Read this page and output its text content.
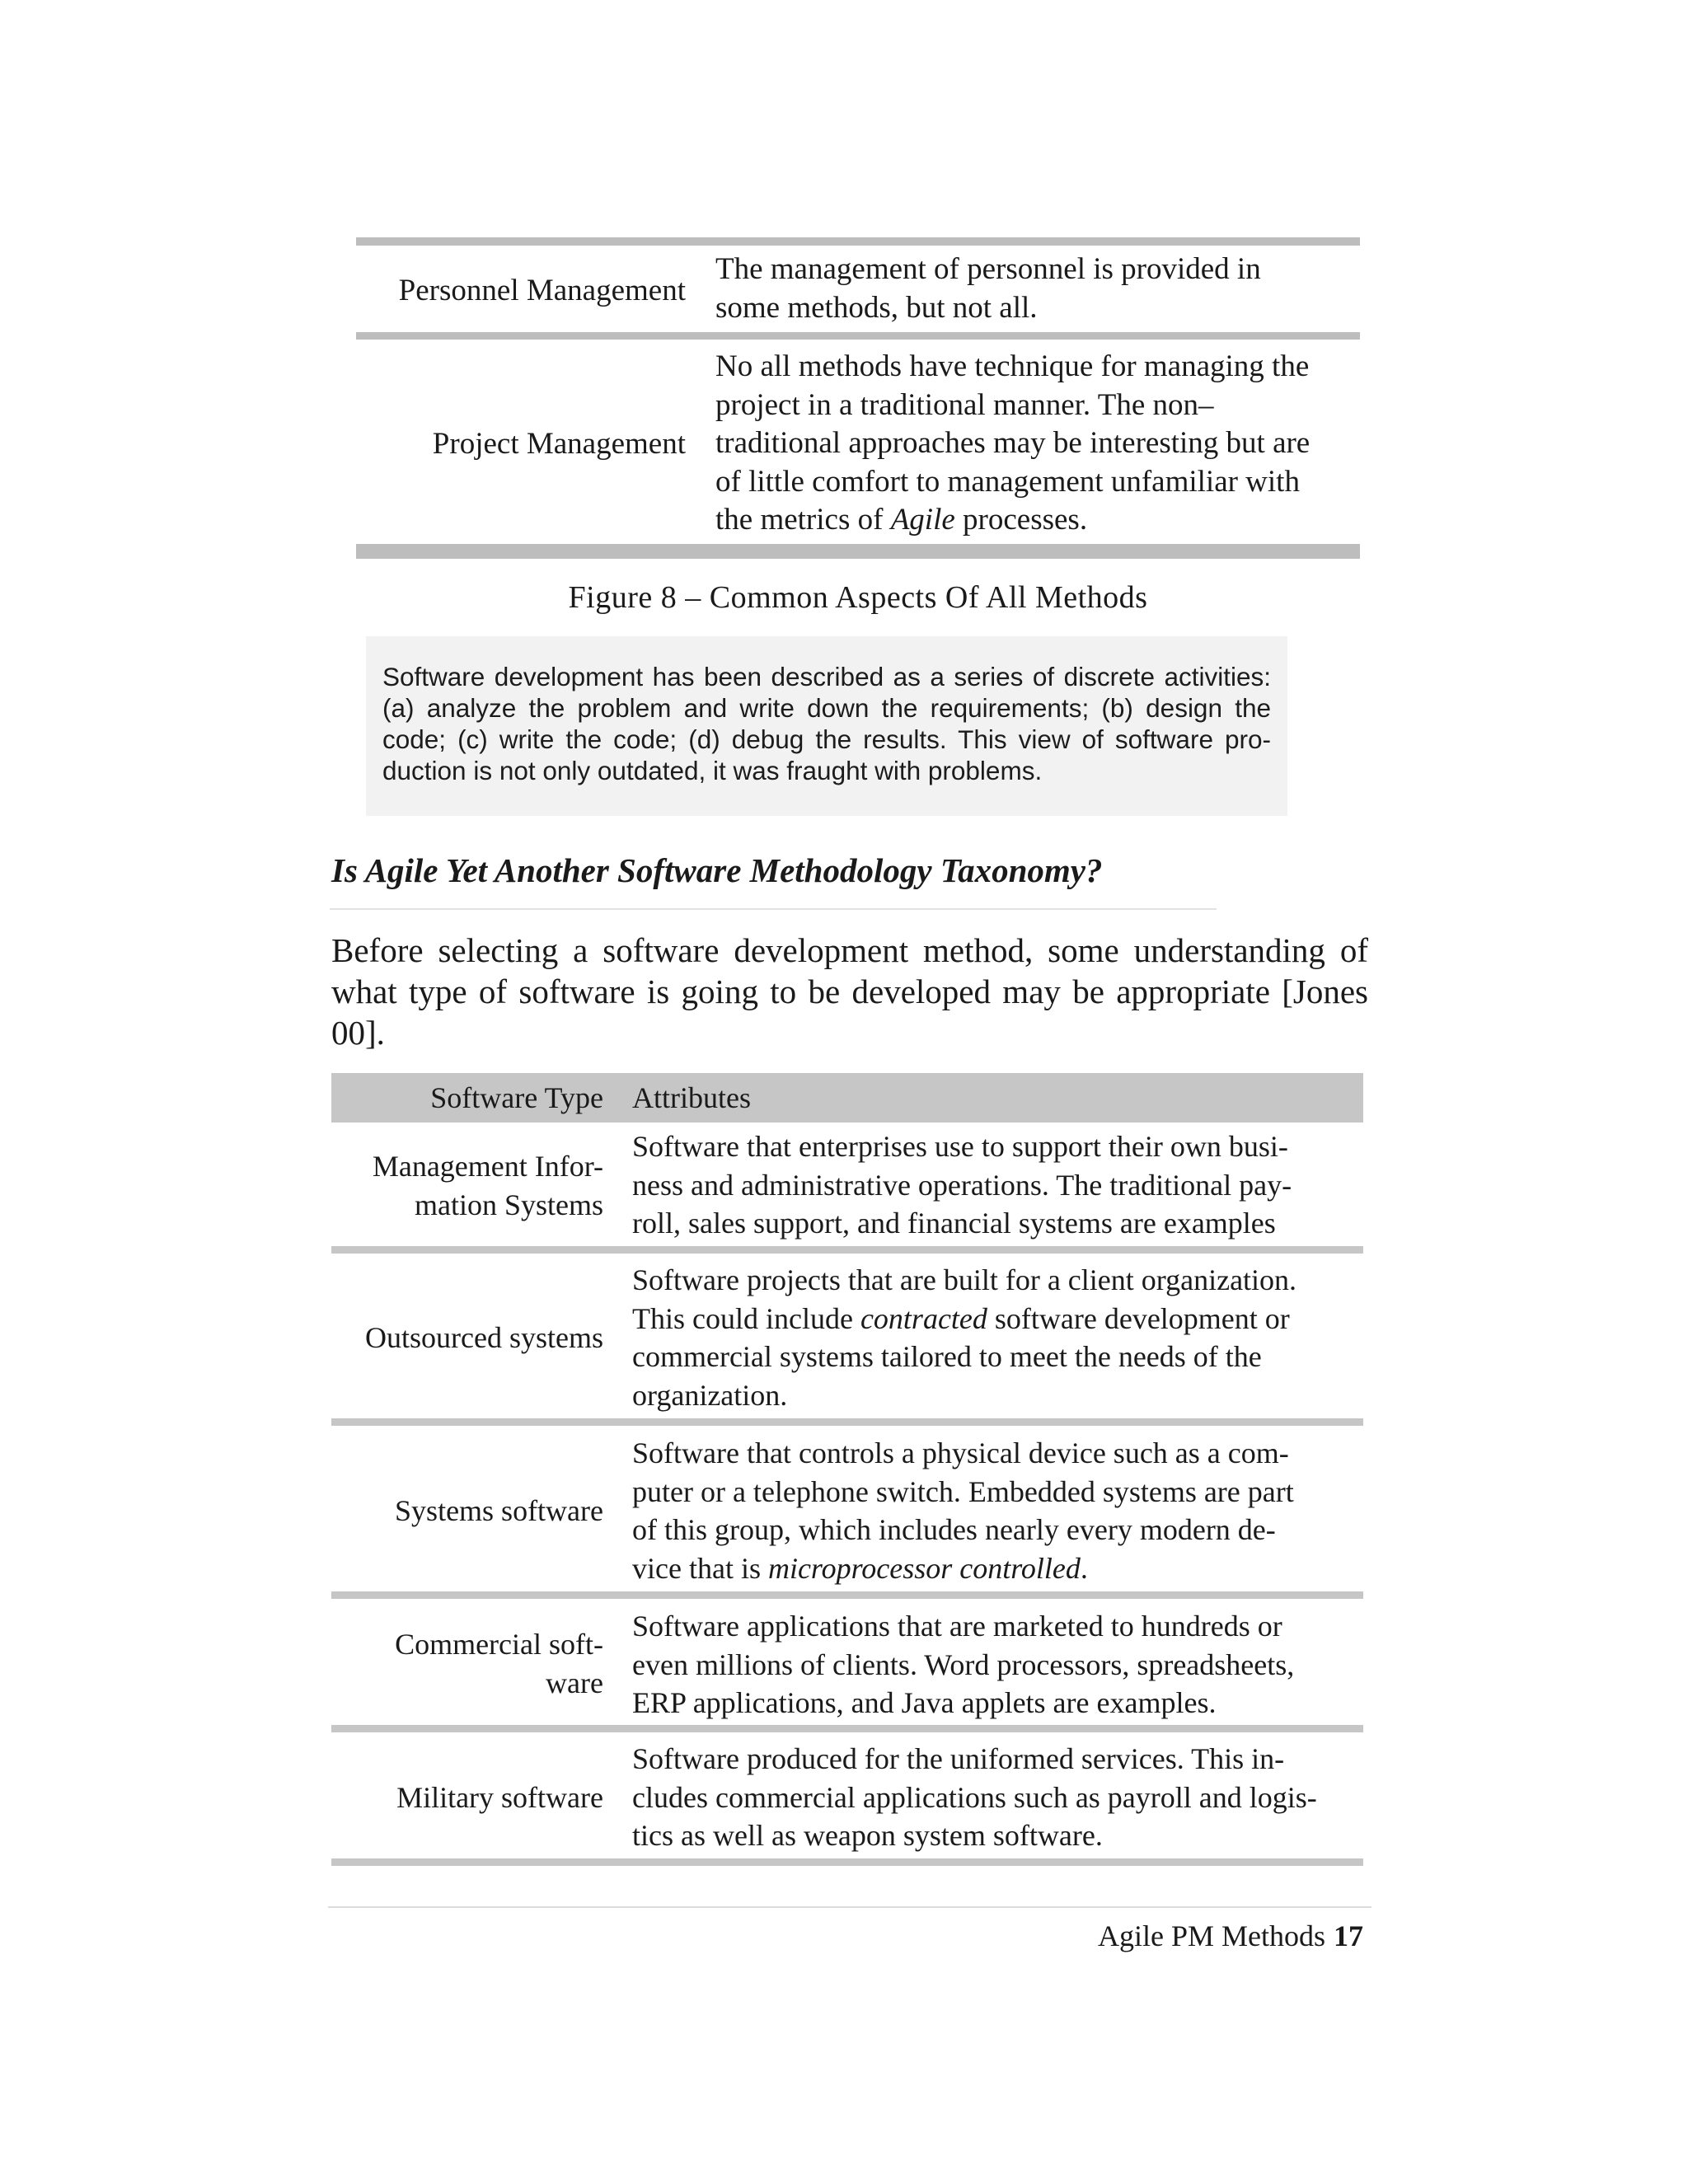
Personnel Management
The management of personnel is provided in
some methods, but not all.
Project Management
No all methods have technique for managing the
project in a traditional manner. The non–
traditional approaches may be interesting but are
of little comfort to management unfamiliar with
the metrics of Agile processes.
Figure 8 – Common Aspects Of All Methods

Software development has been described as a series of discrete activities: (a) analyze the problem and write down the requirements; (b) design the code; (c) write the code; (d) debug the results. This view of software pro- duction is not only outdated, it was fraught with problems.

Is Agile Yet Another Software Methodology Taxonomy?

Before selecting a software development method, some understanding of what type of software is going to be developed may be appropriate [Jones 00].

Software Type Attributes
Management Infor-
mation Systems
Software that enterprises use to support their own busi-
ness and administrative operations. The traditional pay-
roll, sales support, and financial systems are examples
Outsourced systems
Software projects that are built for a client organization.
This could include contracted software development or
commercial systems tailored to meet the needs of the
organization.
Systems software
Software that controls a physical device such as a com-
puter or a telephone switch. Embedded systems are part
of this group, which includes nearly every modern de-
vice that is microprocessor controlled.
Commercial soft-
ware
Software applications that are marketed to hundreds or
even millions of clients. Word processors, spreadsheets,
ERP applications, and Java applets are examples.
Military software
Software produced for the uniformed services. This in-
cludes commercial applications such as payroll and logis-
tics as well as weapon system software.
Agile PM Methods 17
